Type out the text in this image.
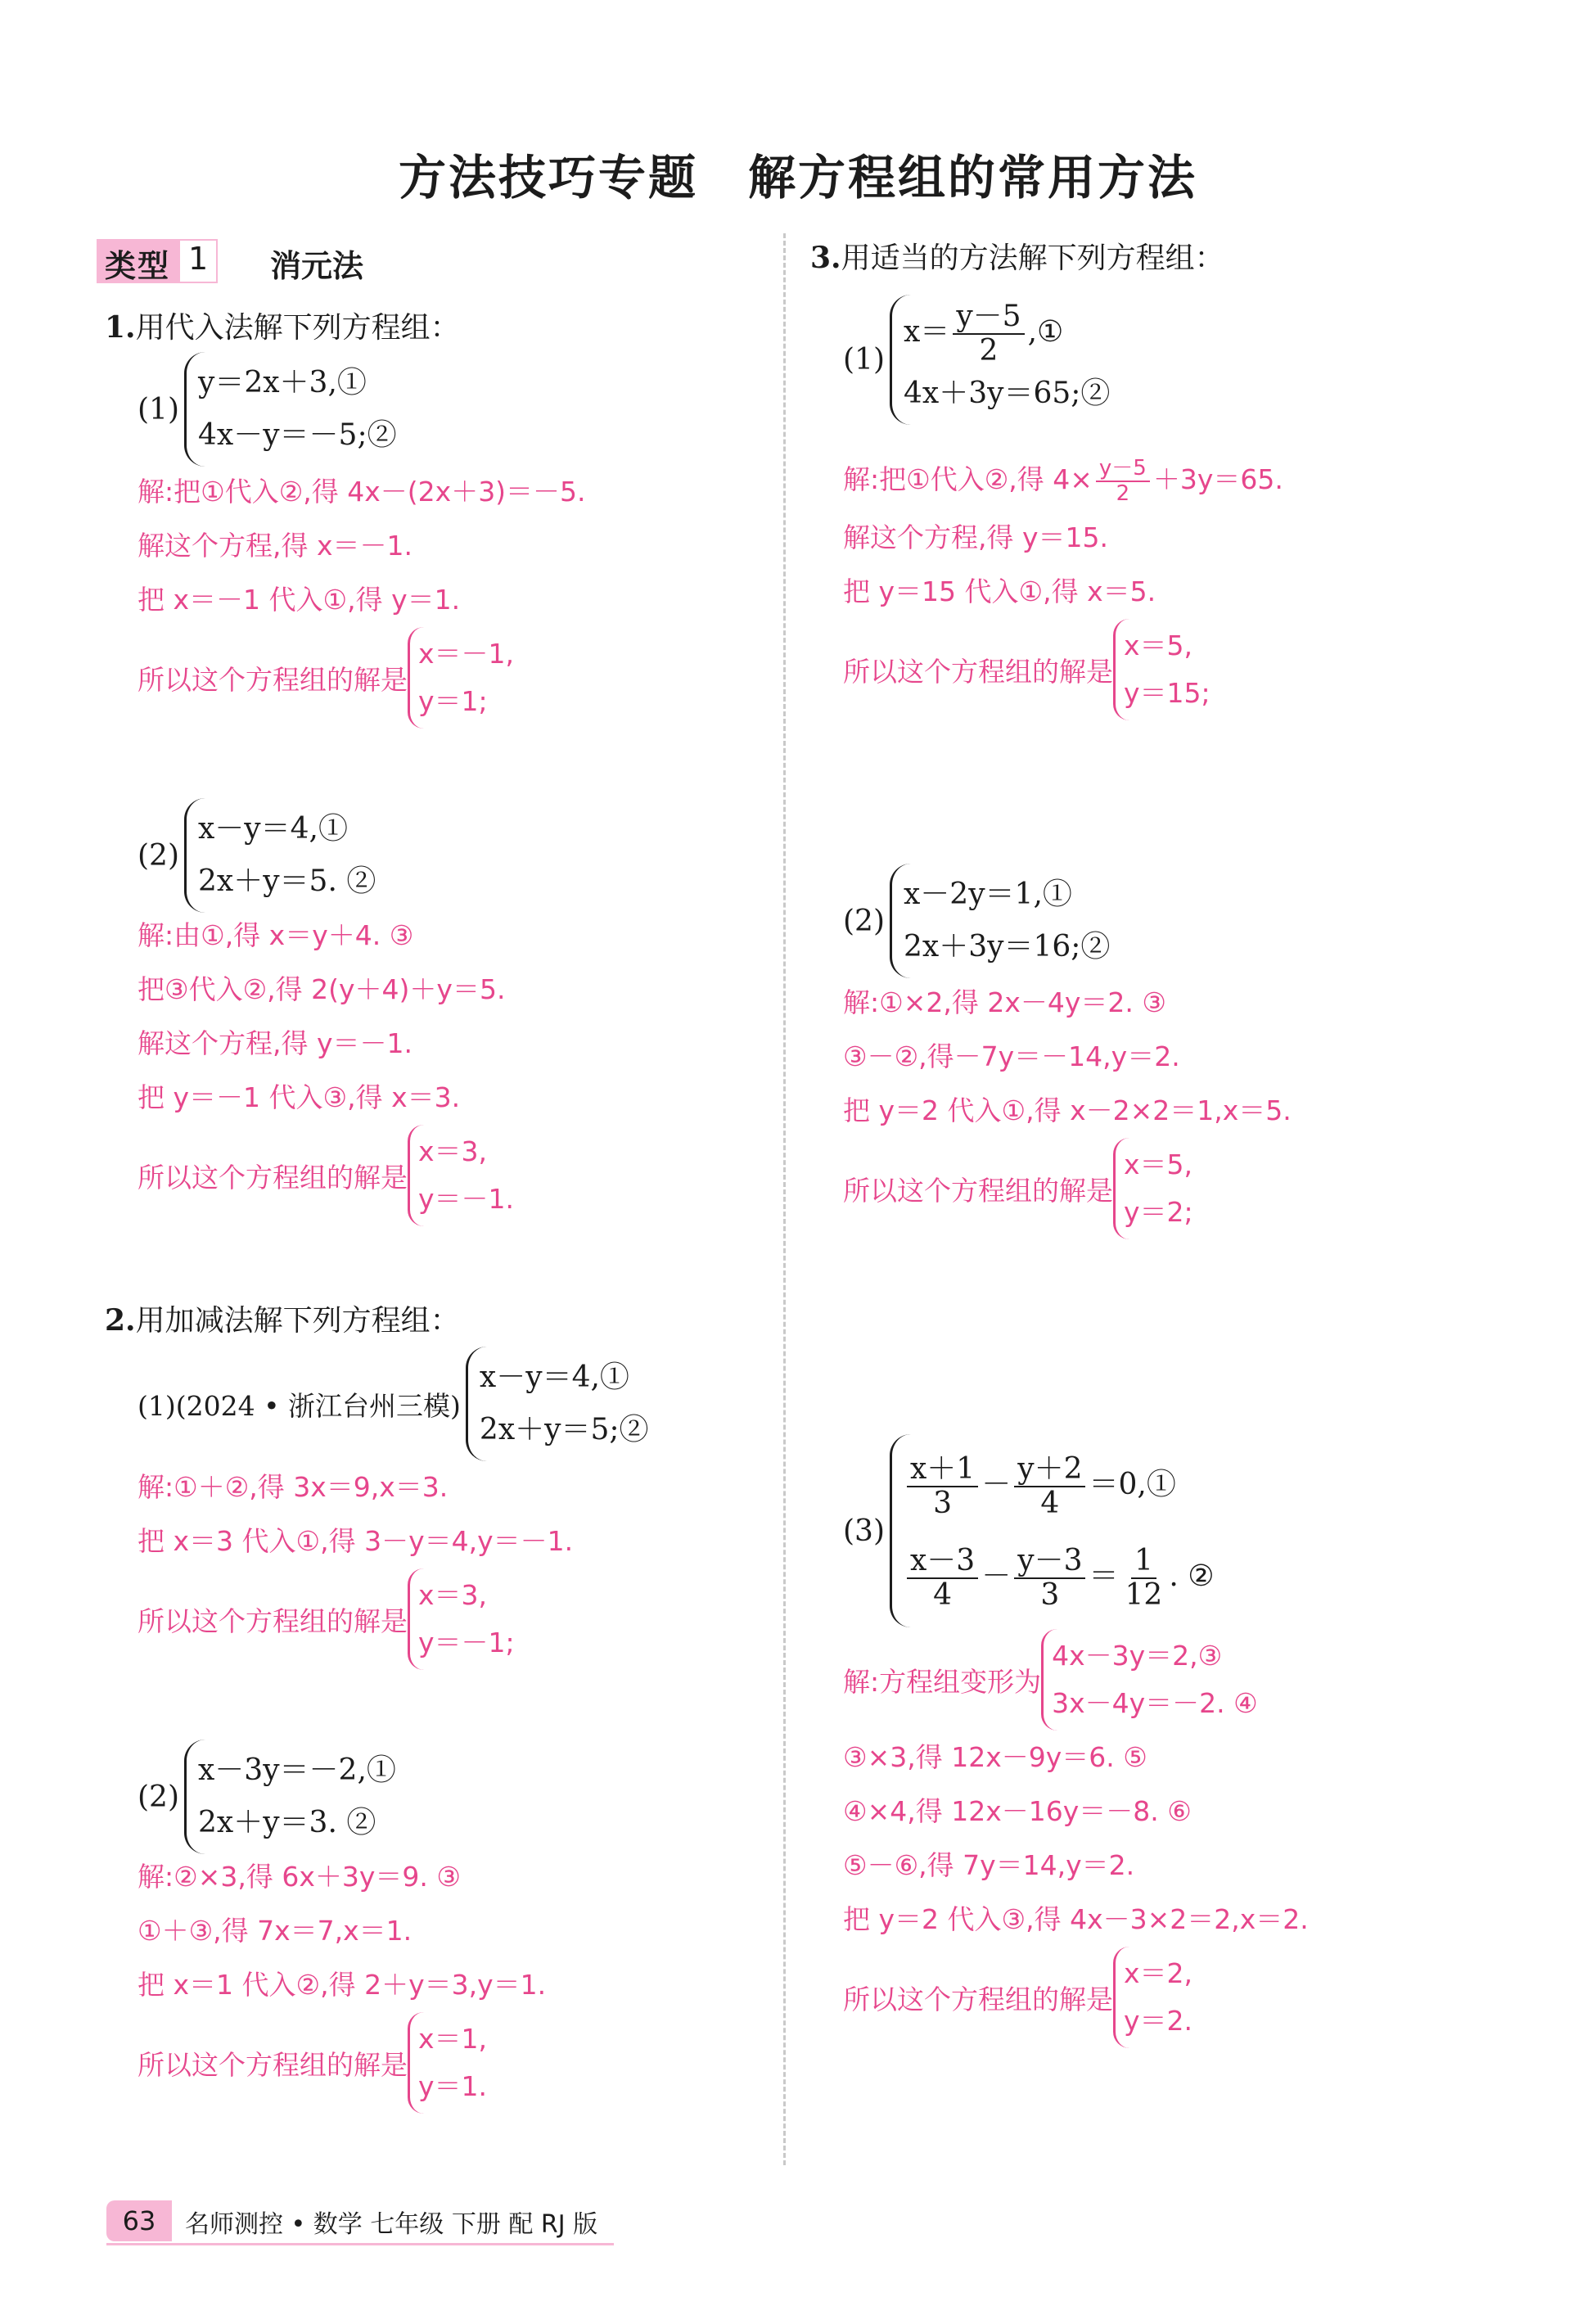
方法技巧专题　解方程组的常用方法
类型 1	消元法
1.用代入法解下列方程组：
(1)
y＝2x＋3,①
4x－y＝－5;②
解:把①代入②,得 4x－(2x＋3)＝－5.
解这个方程,得 x＝－1.
把 x＝－1 代入①,得 y＝1.
所以这个方程组的解是
x＝－1,
y＝1;
(2)
x－y＝4,①
2x＋y＝5. ②
解:由①,得 x＝y＋4. ③
把③代入②,得 2(y＋4)＋y＝5.
解这个方程,得 y＝－1.
把 y＝－1 代入③,得 x＝3.
所以这个方程组的解是
x＝3,
y＝－1.
2.用加减法解下列方程组：
(1)(2024 • 浙江台州三模)
x－y＝4,①
2x＋y＝5;②
解:①＋②,得 3x＝9,x＝3.
把 x＝3 代入①,得 3－y＝4,y＝－1.
所以这个方程组的解是
x＝3,
y＝－1;
(2)
x－3y＝－2,①
2x＋y＝3. ②
解:②×3,得 6x＋3y＝9. ③
①＋③,得 7x＝7,x＝1.
把 x＝1 代入②,得 2＋y＝3,y＝1.
所以这个方程组的解是
x＝1,
y＝1.
3.用适当的方法解下列方程组：
(1)
$x= \frac{y-5}{2}$ ,①
4x＋3y＝65;②
解:把①代入②,得 $4\times \frac{y-5}{2} +3y=65$.
解这个方程,得 y＝15.
把 y＝15 代入①,得 x＝5.
所以这个方程组的解是
x＝5,
y＝15;
(2)
x－2y＝1,①
2x＋3y＝16;②
解:①×2,得 2x－4y＝2. ③
③－②,得－7y＝－14,y＝2.
把 y＝2 代入①,得 x－2×2＝1,x＝5.
所以这个方程组的解是
x＝5,
y＝2;
(3)
$\frac{x+1}{3} - \frac{y+2}{4}$ ＝0,①
$\frac{x-3}{4} - \frac{y-3}{3} = \frac{1}{12}$ . ②
解:方程组变形为
4x－3y＝2,③
3x－4y＝－2. ④
③×3,得 12x－9y＝6. ⑤
④×4,得 12x－16y＝－8. ⑥
⑤－⑥,得 7y＝14,y＝2.
把 y＝2 代入③,得 4x－3×2＝2,x＝2.
所以这个方程组的解是
x＝2,
y＝2.
63	名师测控 • 数学 七年级 下册 配 RJ 版
